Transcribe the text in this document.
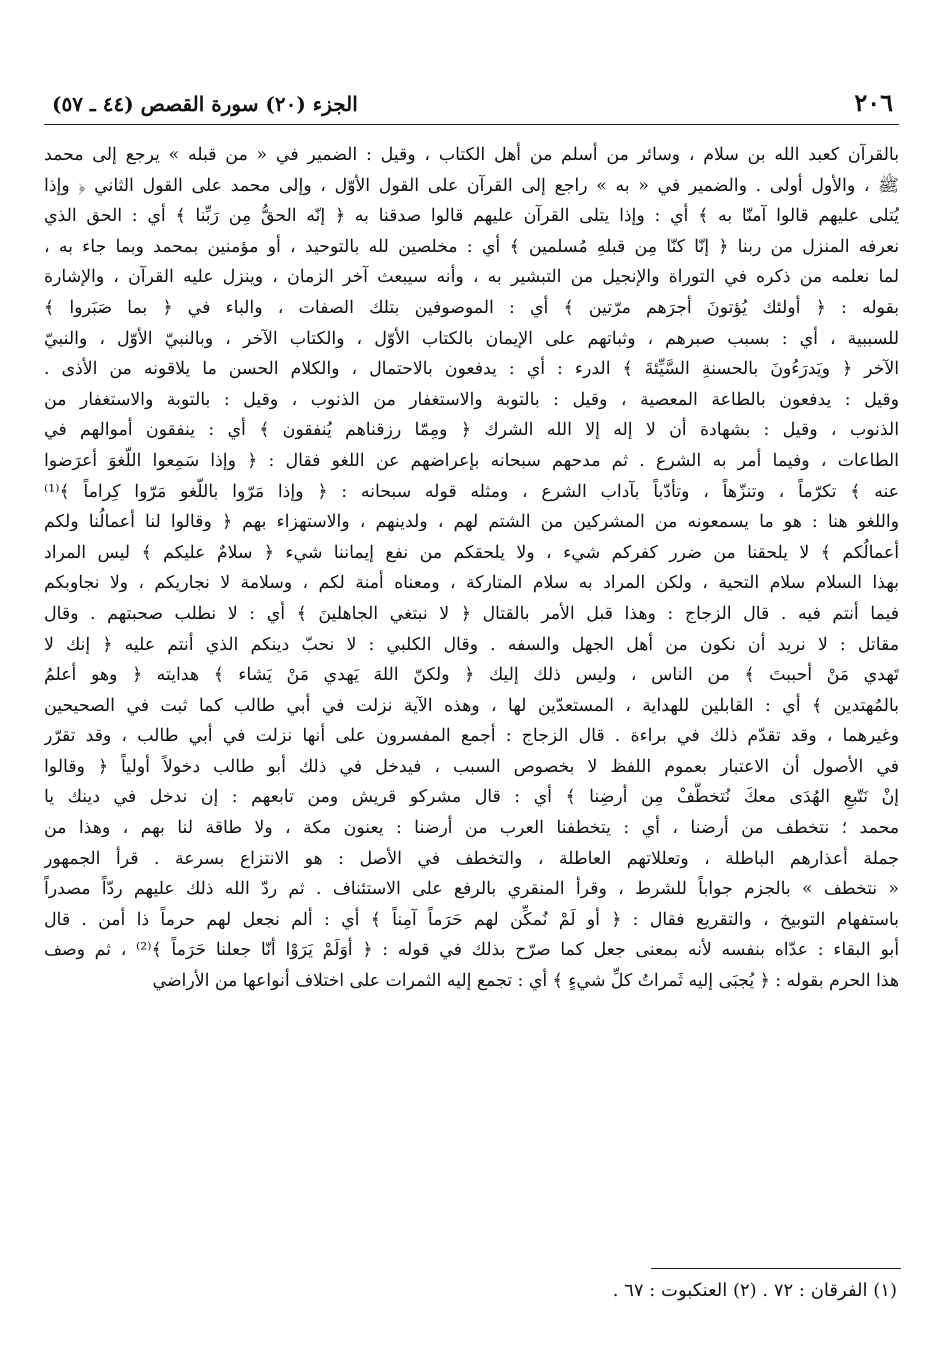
٢٠٦
الجزء (٢٠) سورة القصص (٤٤ ـ ٥٧)
بالقرآن كعبد الله بن سلام ، وسائر من أسلم من أهل الكتاب ، وقيل : الضمير في « من قبله » يرجع إلى محمد
ﷺ ، والأول أولى . والضمير في « به » راجع إلى القرآن على القول الأوّل ، وإلى محمد على القول الثاني ﴿ وإذا
يُتلى عليهم قالوا آمنّا به ﴾ أي : وإذا يتلى القرآن عليهم قالوا صدقنا به ﴿ إنّه الحقُّ مِن رَبِّنا ﴾ أي : الحق الذي
نعرفه المنزل من ربنا ﴿ إنّا كنّا مِن قبلهِ مُسلمين ﴾ أي : مخلصين لله بالتوحيد ، أو مؤمنين بمحمد وبما جاء به ،
لما نعلمه من ذكره في التوراة والإنجيل من التبشير به ، وأنه سيبعث آخر الزمان ، وينزل عليه القرآن ، والإشارة
بقوله : ﴿ أولئك يُؤتونَ أجرَهم مرّتين ﴾ أي : الموصوفين بتلك الصفات ، والباء في ﴿ بما صَبَروا ﴾
للسببية ، أي : بسبب صبرهم ، وثباتهم على الإيمان بالكتاب الأوّل ، والكتاب الآخر ، وبالنبيّ الأوّل ، والنبيّ
الآخر ﴿ ويَدرَءُونَ بالحسنةِ السَّيِّئةَ ﴾ الدرء : أي : يدفعون بالاحتمال ، والكلام الحسن ما يلاقونه من الأذى .
وقيل : يدفعون بالطاعة المعصية ، وقيل : بالتوبة والاستغفار من الذنوب ، وقيل : بالتوبة والاستغفار من
الذنوب ، وقيل : بشهادة أن لا إله إلا الله الشرك ﴿ ومِمّا رزقناهم يُنفقون ﴾ أي : ينفقون أموالهم في
الطاعات ، وفيما أمر به الشرع . ثم مدحهم سبحانه بإعراضهم عن اللغو فقال : ﴿ وإذا سَمِعوا اللّغوَ أعرَضوا
عنه ﴾ تكرّماً ، وتنزّهاً ، وتأدّباً بآداب الشرع ، ومثله قوله سبحانه : ﴿ وإذا مَرّوا باللّغو مَرّوا كِراماً ﴾⁽¹⁾
واللغو هنا : هو ما يسمعونه من المشركين من الشتم لهم ، ولدينهم ، والاستهزاء بهم ﴿ وقالوا لنا أعمالُنا ولكم
أعمالُكم ﴾ لا يلحقنا من ضرر كفركم شيء ، ولا يلحقكم من نفع إيماننا شيء ﴿ سلامٌ عليكم ﴾ ليس المراد
بهذا السلام سلام التحية ، ولكن المراد به سلام المتاركة ، ومعناه أمنة لكم ، وسلامة لا نجاريكم ، ولا نجاوبكم
فيما أنتم فيه . قال الزجاج : وهذا قبل الأمر بالقتال ﴿ لا نبتغي الجاهلينَ ﴾ أي : لا نطلب صحبتهم . وقال
مقاتل : لا نريد أن نكون من أهل الجهل والسفه . وقال الكلبي : لا نحبّ دينكم الذي أنتم عليه ﴿ إنك لا
تَهدي مَنْ أحببتَ ﴾ من الناس ، وليس ذلك إليك ﴿ ولكنّ اللهَ يَهدي مَنْ يَشاء ﴾ هدايته ﴿ وهو أعلمُ
بالمُهتدين ﴾ أي : القابلين للهداية ، المستعدّين لها ، وهذه الآية نزلت في أبي طالب كما ثبت في الصحيحين
وغيرهما ، وقد تقدّم ذلك في براءة . قال الزجاج : أجمع المفسرون على أنها نزلت في أبي طالب ، وقد تقرّر
في الأصول أن الاعتبار بعموم اللفظ لا بخصوص السبب ، فيدخل في ذلك أبو طالب دخولاً أولياً ﴿ وقالوا
إنْ نَتّبعِ الهُدَى معكَ نُتخطَّفْ مِن أرضِنا ﴾ أي : قال مشركو قريش ومن تابعهم : إن ندخل في دينك يا
محمد ؛ نتخطف من أرضنا ، أي : يتخطفنا العرب من أرضنا : يعنون مكة ، ولا طاقة لنا بهم ، وهذا من
جملة أعذارهم الباطلة ، وتعللاتهم العاطلة ، والتخطف في الأصل : هو الانتزاع بسرعة . قرأ الجمهور
« نتخطف » بالجزم جواباً للشرط ، وقرأ المنقري بالرفع على الاستئناف . ثم ردّ الله ذلك عليهم ردّاً مصدراً
باستفهام التوبيخ ، والتقريع فقال : ﴿ أو لَمْ نُمكِّن لهم حَرَماً آمِناً ﴾ أي : ألم نجعل لهم حرماً ذا أمن . قال
أبو البقاء : عدّاه بنفسه لأنه بمعنى جعل كما صرّح بذلك في قوله : ﴿ أوَلَمْ يَرَوْا أنّا جعلنا حَرَماً ﴾⁽²⁾ ، ثم وصف
هذا الحرم بقوله : ﴿ يُجبَى إليه ثَمراتُ كلِّ شيءٍ ﴾ أي : تجمع إليه الثمرات على اختلاف أنواعها من الأراضي
(١) الفرقان : ٧٢ . (٢) العنكبوت : ٦٧ .
